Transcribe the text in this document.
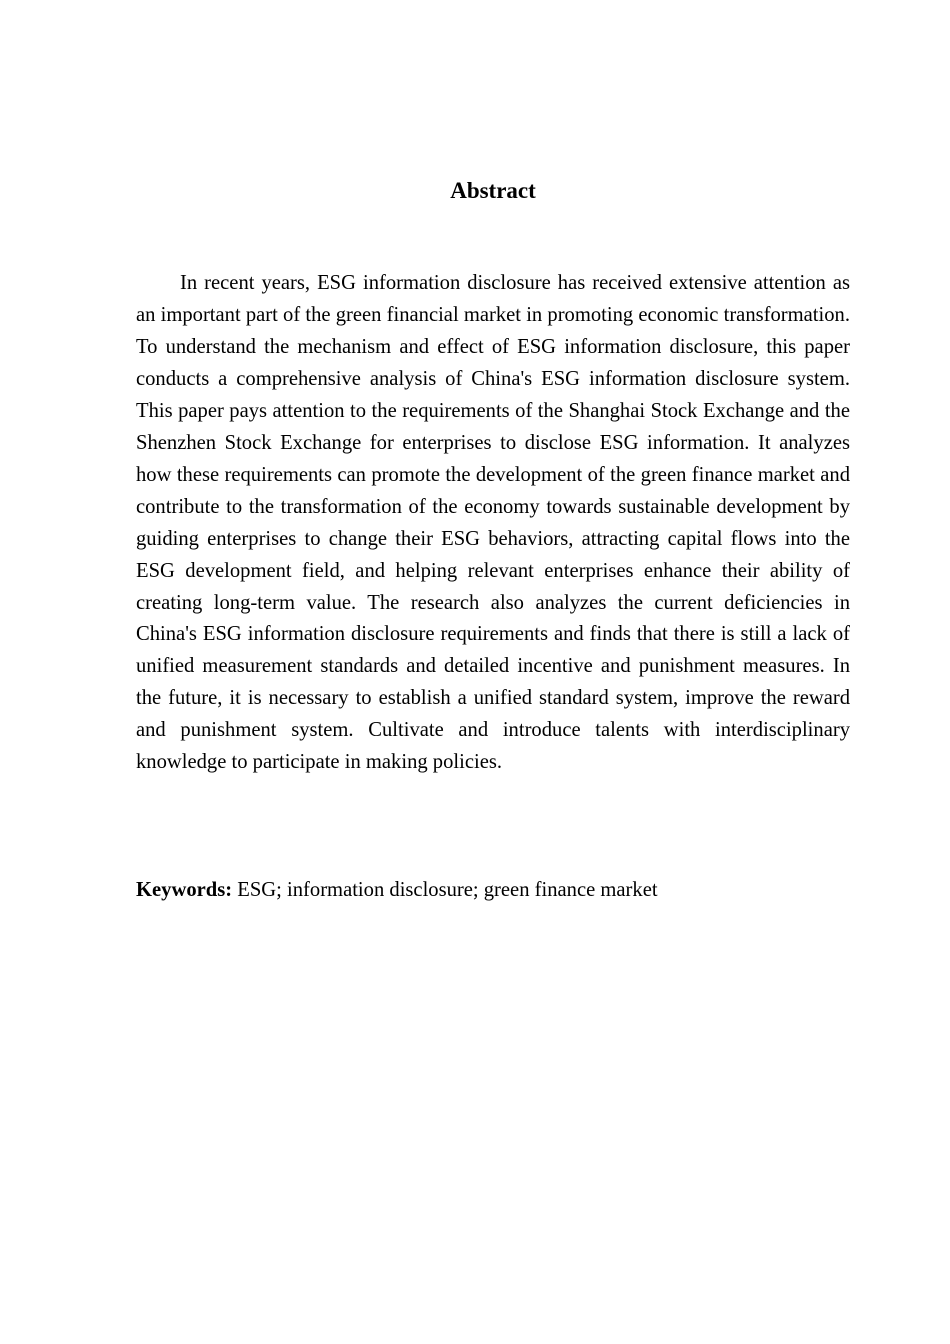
Abstract

In recent years, ESG information disclosure has received extensive attention as an important part of the green financial market in promoting economic transformation. To understand the mechanism and effect of ESG information disclosure, this paper conducts a comprehensive analysis of China's ESG information disclosure system. This paper pays attention to the requirements of the Shanghai Stock Exchange and the Shenzhen Stock Exchange for enterprises to disclose ESG information. It analyzes how these requirements can promote the development of the green finance market and contribute to the transformation of the economy towards sustainable development by guiding enterprises to change their ESG behaviors, attracting capital flows into the ESG development field, and helping relevant enterprises enhance their ability of creating long-term value. The research also analyzes the current deficiencies in China's ESG information disclosure requirements and finds that there is still a lack of unified measurement standards and detailed incentive and punishment measures. In the future, it is necessary to establish a unified standard system, improve the reward and punishment system. Cultivate and introduce talents with interdisciplinary knowledge to participate in making policies.

Keywords: ESG; information disclosure; green finance market
